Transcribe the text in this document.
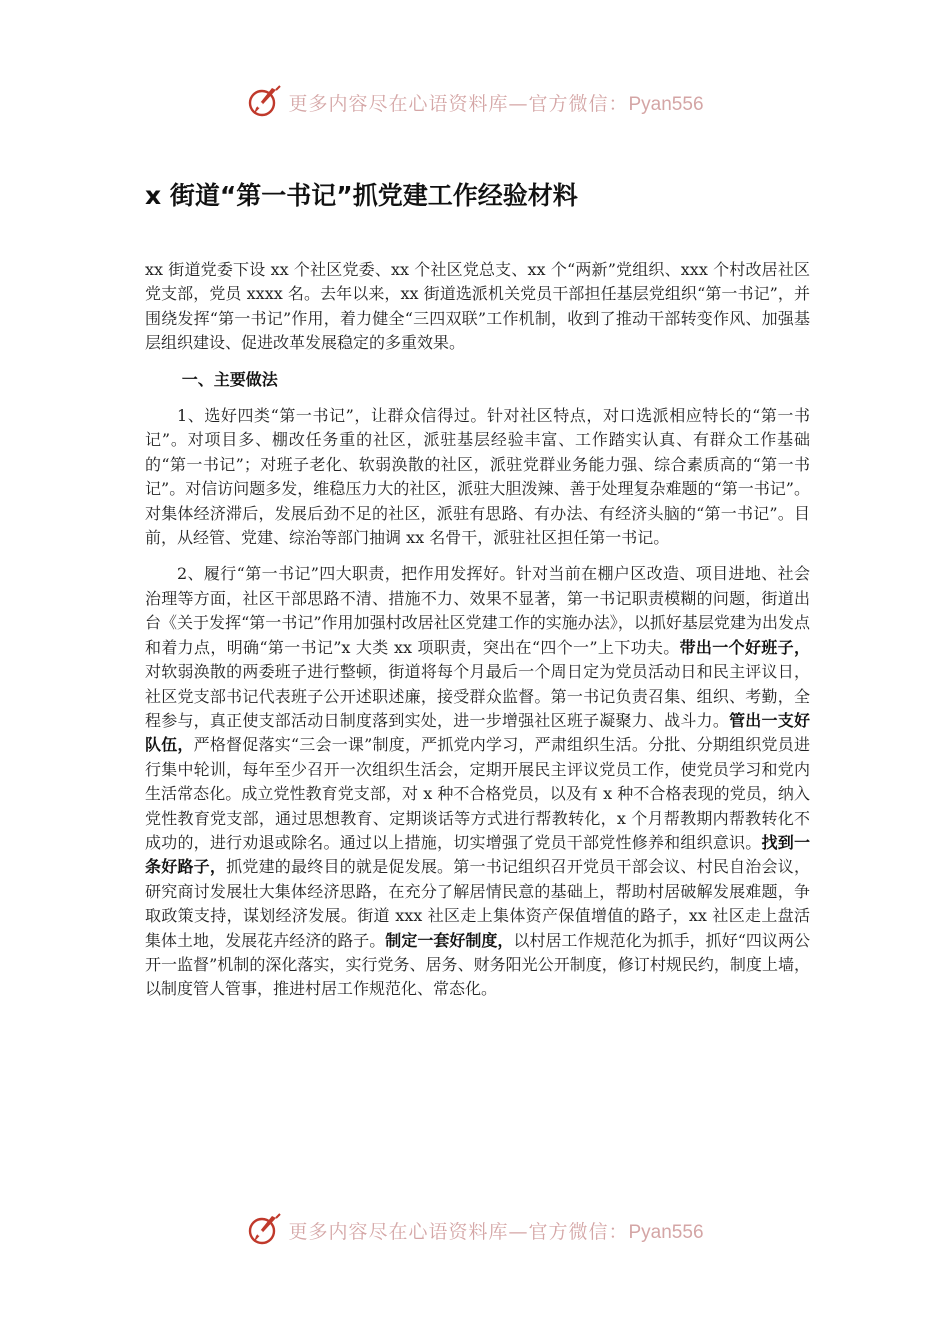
更多内容尽在心语资料库—官方微信：Pyan556
x 街道“第一书记”抓党建工作经验材料

xx 街道党委下设 xx 个社区党委、xx 个社区党总支、xx 个“两新”党组织、xxx 个村改居社区党支部，党员 xxxx 名。去年以来，xx 街道选派机关党员干部担任基层党组织“第一书记”，并围绕发挥“第一书记”作用，着力健全“三四双联”工作机制，收到了推动干部转变作风、加强基层组织建设、促进改革发展稳定的多重效果。

一、主要做法

1、选好四类“第一书记”，让群众信得过。针对社区特点，对口选派相应特长的“第一书记”。对项目多、棚改任务重的社区，派驻基层经验丰富、工作踏实认真、有群众工作基础的“第一书记”；对班子老化、软弱涣散的社区，派驻党群业务能力强、综合素质高的“第一书记”。对信访问题多发，维稳压力大的社区，派驻大胆泼辣、善于处理复杂难题的“第一书记”。对集体经济滞后，发展后劲不足的社区，派驻有思路、有办法、有经济头脑的“第一书记”。目前，从经管、党建、综治等部门抽调 xx 名骨干，派驻社区担任第一书记。

2、履行“第一书记”四大职责，把作用发挥好。针对当前在棚户区改造、项目进地、社会治理等方面，社区干部思路不清、措施不力、效果不显著，第一书记职责模糊的问题，街道出台《关于发挥“第一书记”作用加强村改居社区党建工作的实施办法》，以抓好基层党建为出发点和着力点，明确“第一书记”x 大类 xx 项职责，突出在“四个一”上下功夫。带出一个好班子，对软弱涣散的两委班子进行整顿，街道将每个月最后一个周日定为党员活动日和民主评议日，社区党支部书记代表班子公开述职述廉，接受群众监督。第一书记负责召集、组织、考勤，全程参与，真正使支部活动日制度落到实处，进一步增强社区班子凝聚力、战斗力。管出一支好队伍，严格督促落实“三会一课”制度，严抓党内学习，严肃组织生活。分批、分期组织党员进行集中轮训，每年至少召开一次组织生活会，定期开展民主评议党员工作，使党员学习和党内生活常态化。成立党性教育党支部，对 x 种不合格党员，以及有 x 种不合格表现的党员，纳入党性教育党支部，通过思想教育、定期谈话等方式进行帮教转化，x 个月帮教期内帮教转化不成功的，进行劝退或除名。通过以上措施，切实增强了党员干部党性修养和组织意识。找到一条好路子，抓党建的最终目的就是促发展。第一书记组织召开党员干部会议、村民自治会议，研究商讨发展壮大集体经济思路，在充分了解居情民意的基础上，帮助村居破解发展难题，争取政策支持，谋划经济发展。街道 xxx 社区走上集体资产保值增值的路子，xx 社区走上盘活集体土地，发展花卉经济的路子。制定一套好制度，以村居工作规范化为抓手，抓好“四议两公开一监督”机制的深化落实，实行党务、居务、财务阳光公开制度，修订村规民约，制度上墙，以制度管人管事，推进村居工作规范化、常态化。

更多内容尽在心语资料库—官方微信：Pyan556
